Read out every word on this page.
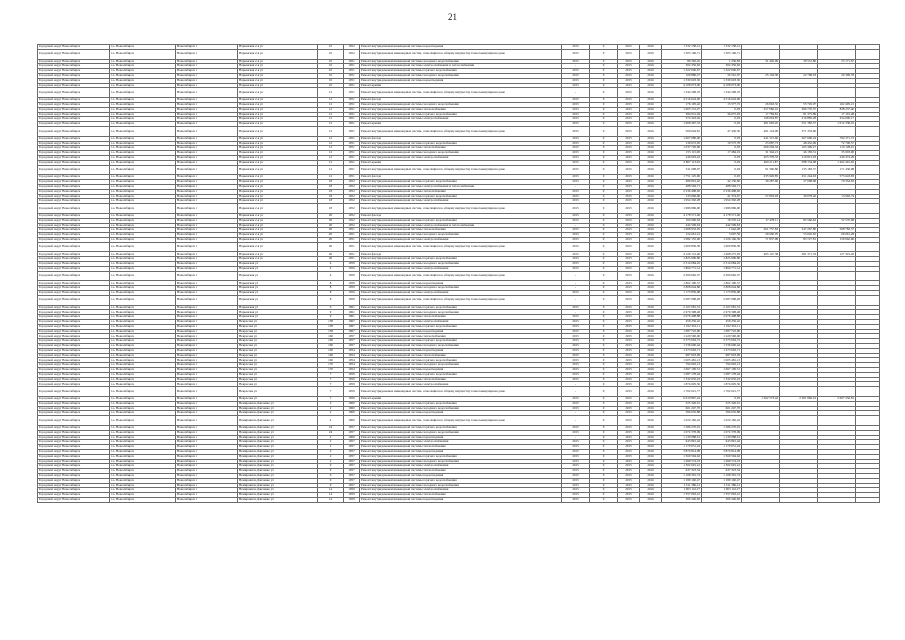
21
Городской округ Новосибирск	г.о. Новосибирск	Новосибирск г	Нарымская 2-я ул	10	1952	Ремонт внутридомовой инженерной системы водоотведения	2015	0	2015	2016	1 532 158,12	1 532 158,12				
Городской округ Новосибирск	г.о. Новосибирск	Новосибирск г	Нарымская 2-я ул	10	1952	Ремонт внутридомовых инженерных систем, относящихся к общему имуществу в многоквартирном доме	2015	0	2015	2016	1 305 106,71	1 305 106,71				
Городской округ Новосибирск	г.о. Новосибирск	Новосибирск г	Нарымская 2-я ул	10	1951	Ремонт внутридомовой инженерной системы холодного водоснабжения	2015	0	2015	2016	86 362,45	1 236,83	31 402,09	30 551,86	23 171,67	
Городской округ Новосибирск	г.о. Новосибирск	Новосибирск г	Нарымская 2-я ул	10	1951	Ремонт внутридомовой инженерной системы электроснабжения и теплоснабжения	-	0	2015	2016	304 356,92	304 356,92				
Городской округ Новосибирск	г.о. Новосибирск	Новосибирск г	Нарымская 2-я ул	10	1951	Ремонт внутридомовой инженерной системы горячего водоснабжения	2015	0	2015	2016	1 322 006,67	1 322 006,67				
Городской округ Новосибирск	г.о. Новосибирск	Новосибирск г	Нарымская 2-я ул	10	1951	Ремонт внутридомовой инженерной системы холодного водоснабжения	2015	0	2015	2016	109 880,27	34 561,07	25 104,58	22 708,18	26 399,78	
Городской округ Новосибирск	г.о. Новосибирск	Новосибирск г	Нарымская 2-я ул	10	1951	Ремонт внутридомовой инженерной системы водоотведения	2015	0	2015	2016	1 330 618,30	1 330 618,30				
Городской округ Новосибирск	г.о. Новосибирск	Новосибирск г	Нарымская 2-я ул	10	1951	Ремонт крыши	2015	0	2015	2016	4 108 073,00	4 108 073,00				
Городской округ Новосибирск	г.о. Новосибирск	Новосибирск г	Нарымская 2-я ул	12	1951	Ремонт внутридомовых инженерных систем, относящихся к общему имуществу в многоквартирном доме	-	0	2015	2016	1 344 268,70	1 344 268,70				
Городской округ Новосибирск	г.о. Новосибирск	Новосибирск г	Нарымская 2-я ул	12	1951	Ремонт фасада	2015	0	2015	2016	4 516 624,00	4 516 624,00				
Городской округ Новосибирск	г.о. Новосибирск	Новосибирск г	Нарымская 2-я ул	12	1951	Ремонт внутридомовой инженерной системы холодного водоснабжения	2015	0	2015	2016	176 105,42	15 577,72	26 963,32	55 745,07	162 495,21	
Городской округ Новосибирск	г.о. Новосибирск	Новосибирск г	Нарымская 2-я ул	12	1951	Ремонт внутридомовой инженерной системы теплоснабжения	2015	0	2015	2016	1 603 131,27	0,03	257 082,16	286 770,37	838 237,46	
Городской округ Новосибирск	г.о. Новосибирск	Новосибирск г	Нарымская 2-я ул	12	1951	Ремонт внутридомовой инженерной системы горячего водоснабжения	2015	0	2015	2016	384 031,04	36 675,93	17 784,81	81 375,89	17 191,48	
Городской округ Новосибирск	г.о. Новосибирск	Новосибирск г	Нарымская 2-я ул	12	1951	Ремонт внутридомовой инженерной системы электроснабжения	2015	0	2015	2016	374 323,02	0,03	199 063,87	216 885,28	254 606,17	
Городской округ Новосибирск	г.о. Новосибирск	Новосибирск г	Нарымская 2-я ул	12	1951	Ремонт крыши	2015	0	2015	2016	1 068 467,33	0,03	481 063,45	551 385,57	1 012 338,10	
Городской округ Новосибирск	г.о. Новосибирск	Новосибирск г	Нарымская 2-я ул	12	1951	Ремонт внутридомовых инженерных систем, относящихся к общему имуществу в многоквартирном доме	2015	0	2015	2016	509 044,81	47 436,50	491 124,09	371 333,06		
Городской округ Новосибирск	г.о. Новосибирск	Новосибирск г	Нарымская 2-я ул	12	1951	Ремонт фасада	2015	0	2015	2016	1 667 080,00	0,03	241 515,60	267 600,24	794 371,72	
Городской округ Новосибирск	г.о. Новосибирск	Новосибирск г	Нарымская 2-я ул	12	1951	Ремонт внутридомовой инженерной системы горячего водоснабжения	2015	0	2015	2016	139 672,95	19 575,78	23 087,73	48 452,99	72 706,57	
Городской округ Новосибирск	г.о. Новосибирск	Новосибирск г	Нарымская 2-я ул	12	1951	Ремонт внутридомовой инженерной системы теплоснабжения	2015	0	2015	2016	1 037 726,00	0,03	209 204,32	165 309,27	110 128,25	
Городской округ Новосибирск	г.о. Новосибирск	Новосибирск г	Нарымская 2-я ул	12	1951	Ремонт внутридомовой инженерной системы холодного водоснабжения	2015	0	2015	2016	155 115,00	17 484,19	31 344,21	46 183,31	35 003,90	
Городской округ Новосибирск	г.о. Новосибирск	Новосибирск г	Нарымская 2-я ул	12	1951	Ремонт внутридомовой инженерной системы электроснабжения	2015	0	2015	2016	246 063,43	0,03	203 378,33	219 813,03	249 474,28	
Городской округ Новосибирск	г.о. Новосибирск	Новосибирск г	Нарымская 2-я ул	12	1951	Ремонт крыши	2015	0	2015	2016	2 867 113,92	0,03	460 211,87	588 134,68	1 462 491,92	
Городской округ Новосибирск	г.о. Новосибирск	Новосибирск г	Нарымская 2-я ул	12	1951	Ремонт внутридомовых инженерных систем, относящихся к общему имуществу в многоквартирном доме	2015	0	2015	2016	541 008,97	0,03	91 360,86	135 183,57	171 436,98	
Городской округ Новосибирск	г.о. Новосибирск	Новосибирск г	Нарымская 2-я ул	12	1951	Ремонт фасада	2015	0	2015	2016	1 751 125,00	0,03	235 920,85	251 244,63	573 643,83	
Городской округ Новосибирск	г.о. Новосибирск	Новосибирск г	Нарымская 2-я ул	18	1952	Ремонт внутридомовой инженерной системы горячего водоснабжения	2015	0	2015	2016	486 816,42	42 136,60	39 287,60	27 098,68	79 354,92	
Городской округ Новосибирск	г.о. Новосибирск	Новосибирск г	Нарымская 2-я ул	18	1952	Ремонт внутридомовой инженерной системы электроснабжения и теплоснабжения	-	0	2015	2016	488 594,71	488 594,71				
Городской округ Новосибирск	г.о. Новосибирск	Новосибирск г	Нарымская 2-я ул	18	1952	Ремонт внутридомовой инженерной системы теплоснабжения	2015	0	2015	2016	2 236 498,92	2 236 498,92				
Городской округ Новосибирск	г.о. Новосибирск	Новосибирск г	Нарымская 2-я ул	18	1952	Ремонт внутридомовой инженерной системы горячего водоснабжения	2015	0	2015	2016	133 660,00	41 374,67	57 818,03	39 078,26	13 992,74	
Городской округ Новосибирск	г.о. Новосибирск	Новосибирск г	Нарымская 2-я ул	18	1952	Ремонт внутридомовой инженерной системы электроснабжения	2015	0	2015	2016	1 954 302,28	1 954 302,28				
Городской округ Новосибирск	г.о. Новосибирск	Новосибирск г	Нарымская 2-я ул	18	1952	Ремонт внутридомовых инженерных систем, относящихся к общему имуществу в многоквартирном доме	2015	0	2015	2016	1 986 896,90	1 986 896,90				
Городской округ Новосибирск	г.о. Новосибирск	Новосибирск г	Нарымская 2-я ул	20	1952	Ремонт фасада	2015	0	2015	2016	4 178 571,40	4 178 571,40				
Городской округ Новосибирск	г.о. Новосибирск	Новосибирск г	Нарымская 2-я ул	20	1952	Ремонт внутридомовой инженерной системы горячего водоснабжения	2015	0	2015	2016	104 066,63	18 376,14	17 478,11	85 566,62	52 570,08	
Городской округ Новосибирск	г.о. Новосибирск	Новосибирск г	Нарымская 2-я ул	20	1952	Ремонт внутридомовой инженерной системы электроснабжения и теплоснабжения	-	0	2015	2016	442 509,63	442 509,63				
Городской округ Новосибирск	г.о. Новосибирск	Новосибирск г	Нарымская 2-я ул	20	1951	Ремонт внутридомовой инженерной системы теплоснабжения	2015	0	2015	2016	1 068 933,05	1 642,28	261 757,83	247 267,80	568 782,37	
Городской округ Новосибирск	г.о. Новосибирск	Новосибирск г	Нарымская 2-я ул	20	1951	Ремонт внутридомовой инженерной системы холодного водоснабжения	2015	0	2015	2016	154 661,41	3 697,59	29 900,05	53 002,65	66 061,28	
Городской округ Новосибирск	г.о. Новосибирск	Новосибирск г	Нарымская 2-я ул	20	1951	Ремонт внутридомовой инженерной системы электроснабжения	2015	0	2015	2016	1 082 155,00	1 326 166,39	71 837,98	83 727,81	159 662,96	
Городской округ Новосибирск	г.о. Новосибирск	Новосибирск г	Нарымская 2-я ул	20	1951	Ремонт внутридомовых инженерных систем, относящихся к общему имуществу в многоквартирном доме	2015	0	2015	2016	1 000 836,39	1 000 836,39				
Городской округ Новосибирск	г.о. Новосибирск	Новосибирск г	Нарымская 2-я ул	20	1951	Ремонт фасада	2015	0	2015	2016	4 129 131,40	1 668 275,03	495 147,38	281 371,33	127 319,26	
Городской округ Новосибирск	г.о. Новосибирск	Новосибирск г	Нарымская 2-я ул	20	1951	Ремонт внутридомовой инженерной системы горячего водоснабжения	2015	0	2015	2016	1 825 090,80	1 825 090,80				
Городской округ Новосибирск	г.о. Новосибирск	Новосибирск г	Нарымская ул	4	1959	Ремонт внутридомовой инженерной системы холодного водоснабжения	2015	0	2015	2016	2 514 084,45	2 514 084,45				
Городской округ Новосибирск	г.о. Новосибирск	Новосибирск г	Нарымская ул	4	1959	Ремонт внутридомовой инженерной системы электроснабжения	2015	0	2015	2016	1 864 771,12	1 864 771,12				
Городской округ Новосибирск	г.о. Новосибирск	Новосибирск г	Нарымская ул	4	1959	Ремонт внутридомовых инженерных систем, относящихся к общему имуществу в многоквартирном доме	-	0	2015	2016	2 269 662,37	2 269 662,37				
Городской округ Новосибирск	г.о. Новосибирск	Новосибирск г	Нарымская ул	8	1959	Ремонт внутридомовой инженерной системы водоотведения	-	0	2015	2016	1 862 190,57	1 862 190,57				
Городской округ Новосибирск	г.о. Новосибирск	Новосибирск г	Нарымская ул	8	1959	Ремонт внутридомовой инженерной системы холодного водоснабжения	-	0	2015	2016	2 808 644,86	2 808 644,86				
Городской округ Новосибирск	г.о. Новосибирск	Новосибирск г	Нарымская ул	8	1959	Ремонт внутридомовой инженерной системы электроснабжения	2015	0	2015	2016	1 173 830,08	1 173 830,08				
Городской округ Новосибирск	г.о. Новосибирск	Новосибирск г	Нарымская ул	8	1959	Ремонт внутридомовых инженерных систем, относящихся к общему имуществу в многоквартирном доме	-	0	2015	2016	2 087 008,28	2 087 008,28				
Городской округ Новосибирск	г.о. Новосибирск	Новосибирск г	Нарымская ул	9	1961	Ремонт внутридомовой инженерной системы горячего водоснабжения	2015	0	2015	2016	2 167 681,31	2 167 681,31				
Городской округ Новосибирск	г.о. Новосибирск	Новосибирск г	Нарымская ул	9	1961	Ремонт внутридомовой инженерной системы холодного водоснабжения	-	0	2015	2016	2 676 398,48	2 676 398,48				
Городской округ Новосибирск	г.о. Новосибирск	Новосибирск г	Нарымская ул	9	1961	Ремонт внутридомовой инженерной системы теплоснабжения	2015	0	2015	2016	2 076 498,88	2 076 498,88				
Городской округ Новосибирск	г.о. Новосибирск	Новосибирск г	Некрасова ул	158	1967	Ремонт внутридомовой инженерной системы электроснабжения	2015	0	2015	2016	459 256,22	459 256,22				
Городской округ Новосибирск	г.о. Новосибирск	Новосибирск г	Некрасова ул	158	1967	Ремонт внутридомовой инженерной системы горячего водоснабжения	2015	0	2015	2016	1 192 316,11	1 192 316,11				
Городской округ Новосибирск	г.о. Новосибирск	Новосибирск г	Некрасова ул	158	1967	Ремонт внутридомовой инженерной системы водоотведения	2015	0	2015	2016	1 087 722,90	1 087 722,90				
Городской округ Новосибирск	г.о. Новосибирск	Новосибирск г	Некрасова ул	160	1957	Ремонт внутридомовой инженерной системы теплоснабжения	2015	0	2015	2016	1 229 590,00	1 229 590,00				
Городской округ Новосибирск	г.о. Новосибирск	Новосибирск г	Некрасова ул	160	1957	Ремонт внутридомовой инженерной системы горячего водоснабжения	2015	0	2015	2016	2 575 663,72	2 575 663,72				
Городской округ Новосибирск	г.о. Новосибирск	Новосибирск г	Некрасова ул	160	1957	Ремонт внутридомовой инженерной системы холодного водоснабжения	2015	0	2015	2016	1 536 600,44	1 536 600,44				
Городской округ Новосибирск	г.о. Новосибирск	Новосибирск г	Некрасова ул	160	1954	Ремонт внутридомовой инженерной системы водоотведения	2015	0	2015	2016	1 273 603,71	1 273 603,71				
Городской округ Новосибирск	г.о. Новосибирск	Новосибирск г	Некрасова ул	160	1954	Ремонт внутридомовой инженерной системы теплоснабжения	2015	0	2015	2016	987 918,09	987 918,09				
Городской округ Новосибирск	г.о. Новосибирск	Новосибирск г	Некрасова ул	160	1954	Ремонт внутридомовой инженерной системы горячего водоснабжения	2015	0	2015	2016	1 005 481,13	1 005 481,13				
Городской округ Новосибирск	г.о. Новосибирск	Новосибирск г	Некрасова ул	170	1954	Ремонт внутридомовой инженерной системы холодного водоснабжения	2015	0	2015	2016	794 663,13	794 663,13				
Городской округ Новосибирск	г.о. Новосибирск	Новосибирск г	Некрасова ул	170	1954	Ремонт внутридомовой инженерной системы водоотведения	2015	0	2015	2016	1 067 100,51	1 067 100,51				
Городской округ Новосибирск	г.о. Новосибирск	Новосибирск г	Некрасова ул	7	1959	Ремонт внутридомовой инженерной системы горячего водоснабжения	2015	0	2015	2016	1 087 178,44	1 087 178,44				
Городской округ Новосибирск	г.о. Новосибирск	Новосибирск г	Некрасова ул	7	1959	Ремонт внутридомовой инженерной системы теплоснабжения	2015	0	2015	2016	1 332 635,23	1 332 635,23				
Городской округ Новосибирск	г.о. Новосибирск	Новосибирск г	Некрасова ул	7	1959	Ремонт внутридомовой инженерной системы электроснабжения	-	0	2015	2016	1 874 605,56	1 874 605,56				
Городской округ Новосибирск	г.о. Новосибирск	Новосибирск г	Некрасова ул	7	1959	Ремонт внутридомовых инженерных систем, относящихся к общему имуществу в многоквартирном доме	-	0	2015	2016	1 702 621,77	1 702 621,77				
Городской округ Новосибирск	г.о. Новосибирск	Новосибирск г	Некрасова ул	7	1959	Ремонт крыши	2015	0	2015	2016	6 610 867,24	0,03	1 362 573,42	2 281 869,19	2 697 256,81	
Городской округ Новосибирск	г.о. Новосибирск	Новосибирск г	Немировича-Данченко ул	2	1960	Ремонт внутридомовой инженерной системы горячего водоснабжения	2015	0	2015	2016	525 326,01	525 326,01				
Городской округ Новосибирск	г.о. Новосибирск	Новосибирск г	Немировича-Данченко ул	2	1960	Ремонт внутридомовой инженерной системы холодного водоснабжения	2015	0	2015	2016	601 247,70	601 247,70				
Городской округ Новосибирск	г.о. Новосибирск	Новосибирск г	Немировича-Данченко ул	2	1960	Ремонт внутридомовой инженерной системы водоотведения	-	0	2015	2016	390 635,88	390 635,88				
Городской округ Новосибирск	г.о. Новосибирск	Новосибирск г	Немировича-Данченко ул	4	1960	Ремонт внутридомовых инженерных систем, относящихся к общему имуществу в многоквартирном доме	-	0	2015	2016	1 024 182,43	1 024 182,43				
Городской округ Новосибирск	г.о. Новосибирск	Новосибирск г	Немировича-Данченко ул	24	1957	Ремонт внутридомовой инженерной системы горячего водоснабжения	2015	0	2015	2016	1 286 270,01	1 286 270,01				
Городской округ Новосибирск	г.о. Новосибирск	Новосибирск г	Немировича-Данченко ул	24	1957	Ремонт внутридомовой инженерной системы холодного водоснабжения	2015	0	2015	2016	1 072 378,09	1 072 378,09				
Городской округ Новосибирск	г.о. Новосибирск	Новосибирск г	Немировича-Данченко ул	2	1960	Ремонт внутридомовой инженерной системы водоотведения	-	0	2015	2016	1 130 088,61	1 130 088,61				
Городской округ Новосибирск	г.о. Новосибирск	Новосибирск г	Немировича-Данченко ул	2	1957	Ремонт внутридомовой инженерной системы электроснабжения	2015	0	2015	2016	643 891,44	643 891,44				
Городской округ Новосибирск	г.о. Новосибирск	Новосибирск г	Немировича-Данченко ул	2	1957	Ремонт внутридомовой инженерной системы теплоснабжения	2015	0	2015	2016	1 170 051,24	1 170 051,24				
Городской округ Новосибирск	г.о. Новосибирск	Новосибирск г	Немировича-Данченко ул	2	1957	Ремонт внутридомовой инженерной системы водоотведения	2015	0	2015	2016	3 876 814,08	3 876 814,08				
Городской округ Новосибирск	г.о. Новосибирск	Новосибирск г	Немировича-Данченко ул	2	1957	Ремонт внутридомовой инженерной системы горячего водоснабжения	2015	0	2015	2016	1 569 594,62	1 569 594,62				
Городской округ Новосибирск	г.о. Новосибирск	Новосибирск г	Немировича-Данченко ул	2	1957	Ремонт внутридомовой инженерной системы холодного водоснабжения	2015	0	2015	2016	1 499 574,23	1 499 574,23				
Городской округ Новосибирск	г.о. Новосибирск	Новосибирск г	Немировича-Данченко ул	9	1957	Ремонт внутридомовой инженерной системы электроснабжения	2015	0	2015	2016	1 302 691,41	1 302 691,41				
Городской округ Новосибирск	г.о. Новосибирск	Новосибирск г	Немировича-Данченко ул	9	1957	Ремонт внутридомовой инженерной системы теплоснабжения	2015	0	2015	2016	637 323,54	637 323,54				
Городской округ Новосибирск	г.о. Новосибирск	Новосибирск г	Немировича-Данченко ул	9	1957	Ремонт внутридомовой инженерной системы водоотведения	2015	0	2015	2016	1 168 391,74	1 168 391,74				
Городской округ Новосибирск	г.о. Новосибирск	Новосибирск г	Немировича-Данченко ул	9	1957	Ремонт внутридомовой инженерной системы горячего водоснабжения	2015	0	2015	2016	1 180 160,47	1 180 160,47				
Городской округ Новосибирск	г.о. Новосибирск	Новосибирск г	Немировича-Данченко ул	9	1957	Ремонт внутридомовой инженерной системы холодного водоснабжения	2015	0	2015	2016	1 311 386,12	1 311 386,12				
Городской округ Новосибирск	г.о. Новосибирск	Новосибирск г	Немировича-Данченко ул	14	1959	Ремонт внутридомовой инженерной системы электроснабжения	2015	0	2015	2016	1 003 116,27	1 003 116,27				
Городской округ Новосибирск	г.о. Новосибирск	Новосибирск г	Немировича-Данченко ул	14	1959	Ремонт внутридомовой инженерной системы теплоснабжения	2015	0	2015	2016	1 357 063,41	1 357 063,41				
Городской округ Новосибирск	г.о. Новосибирск	Новосибирск г	Немировича-Данченко ул	14	1959	Ремонт внутридомовой инженерной системы водоотведения	2015	0	2015	2016	306 340,82	306 340,82				
